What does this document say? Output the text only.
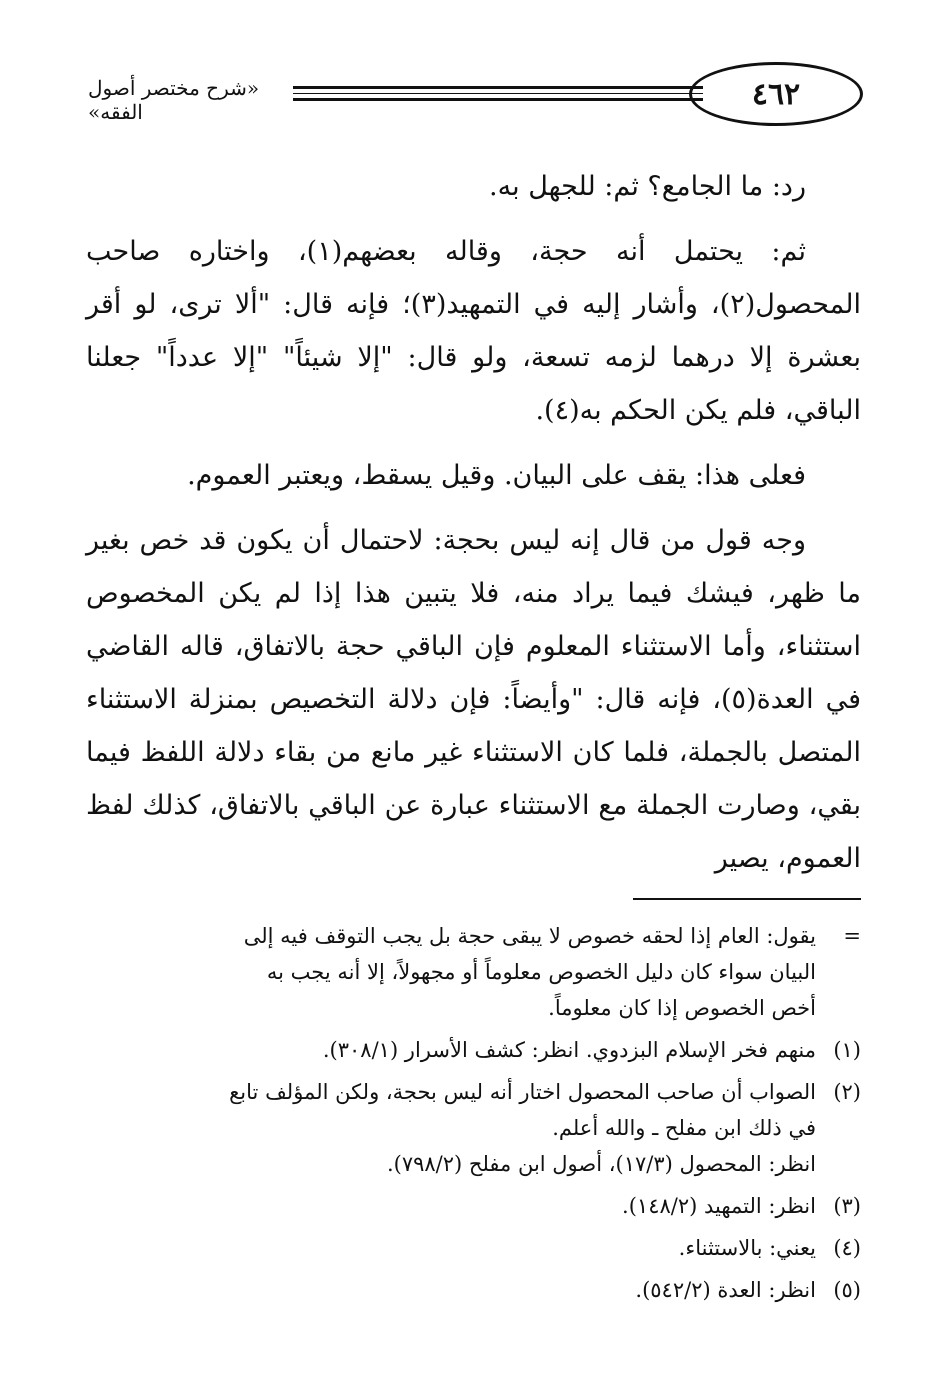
٤٦٢
«شرح مختصر أصول الفقه»

رد: ما الجامع؟ ثم: للجهل به.

ثم: يحتمل أنه حجة، وقاله بعضهم(١)، واختاره صاحب المحصول(٢)، وأشار إليه في التمهيد(٣)؛ فإنه قال: "ألا ترى، لو أقر بعشرة إلا درهما لزمه تسعة، ولو قال: "إلا شيئاً" "إلا عدداً" جعلنا الباقي، فلم يكن الحكم به(٤).

فعلى هذا: يقف على البيان. وقيل يسقط، ويعتبر العموم.

وجه قول من قال إنه ليس بحجة: لاحتمال أن يكون قد خص بغير ما ظهر، فيشك فيما يراد منه، فلا يتبين هذا إذا لم يكن المخصوص استثناء، وأما الاستثناء المعلوم فإن الباقي حجة بالاتفاق، قاله القاضي في العدة(٥)، فإنه قال: "وأيضاً: فإن دلالة التخصيص بمنزلة الاستثناء المتصل بالجملة، فلما كان الاستثناء غير مانع من بقاء دلالة اللفظ فيما بقي، وصارت الجملة مع الاستثناء عبارة عن الباقي بالاتفاق، كذلك لفظ العموم، يصير

=
يقول: العام إذا لحقه خصوص لا يبقى حجة بل يجب التوقف فيه إلى
البيان سواء كان دليل الخصوص معلوماً أو مجهولاً، إلا أنه يجب به
أخص الخصوص إذا كان معلوماً.
(١)
منهم فخر الإسلام البزدوي. انظر: كشف الأسرار (٣٠٨/١).
(٢)
الصواب أن صاحب المحصول اختار أنه ليس بحجة، ولكن المؤلف تابع
في ذلك ابن مفلح ـ والله أعلم.
انظر: المحصول (١٧/٣)، أصول ابن مفلح (٧٩٨/٢).
(٣)
انظر: التمهيد (١٤٨/٢).
(٤)
يعني: بالاستثناء.
(٥)
انظر: العدة (٥٤٢/٢).
